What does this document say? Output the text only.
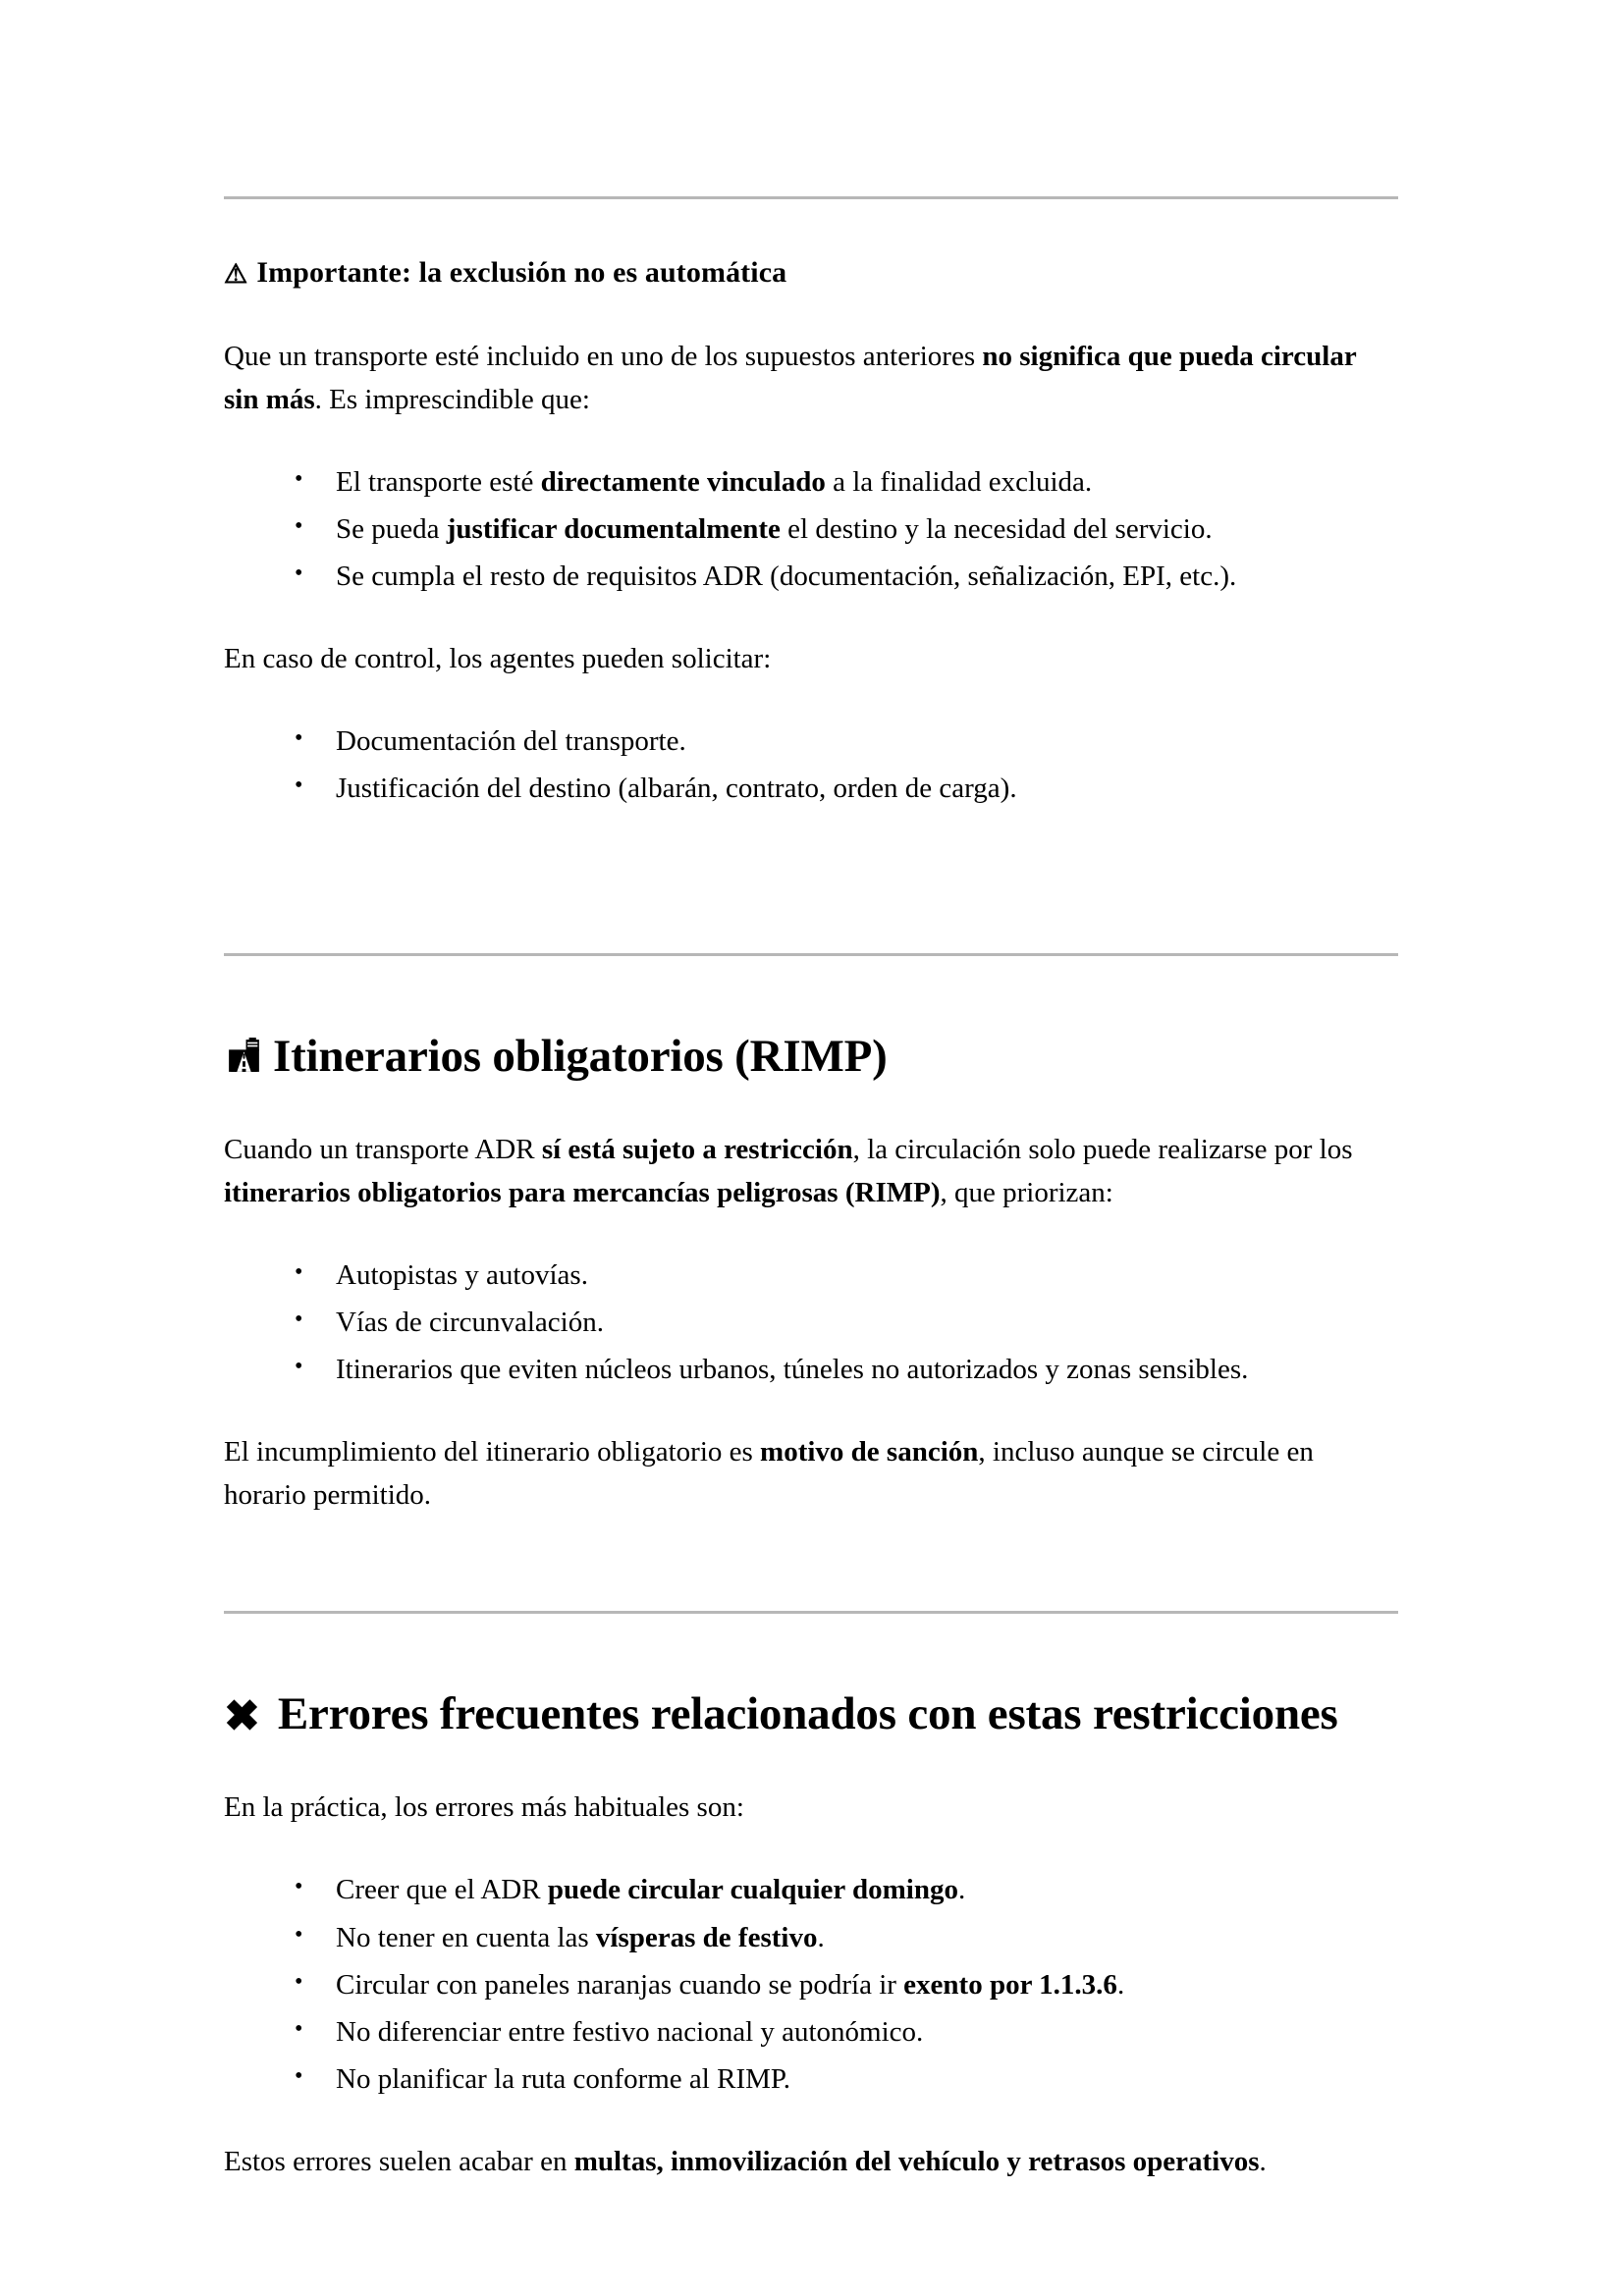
⚠ Importante: la exclusión no es automática

Que un transporte esté incluido en uno de los supuestos anteriores no significa que pueda circular sin más. Es imprescindible que:

• El transporte esté directamente vinculado a la finalidad excluida.
• Se pueda justificar documentalmente el destino y la necesidad del servicio.
• Se cumpla el resto de requisitos ADR (documentación, señalización, EPI, etc.).

En caso de control, los agentes pueden solicitar:

• Documentación del transporte.
• Justificación del destino (albarán, contrato, orden de carga).
Itinerarios obligatorios (RIMP)

Cuando un transporte ADR sí está sujeto a restricción, la circulación solo puede realizarse por los itinerarios obligatorios para mercancías peligrosas (RIMP), que priorizan:

• Autopistas y autovías.
• Vías de circunvalación.
• Itinerarios que eviten núcleos urbanos, túneles no autorizados y zonas sensibles.

El incumplimiento del itinerario obligatorio es motivo de sanción, incluso aunque se circule en horario permitido.

✖ Errores frecuentes relacionados con estas restricciones

En la práctica, los errores más habituales son:

• Creer que el ADR puede circular cualquier domingo.
• No tener en cuenta las vísperas de festivo.
• Circular con paneles naranjas cuando se podría ir exento por 1.1.3.6.
• No diferenciar entre festivo nacional y autonómico.
• No planificar la ruta conforme al RIMP.

Estos errores suelen acabar en multas, inmovilización del vehículo y retrasos operativos.
